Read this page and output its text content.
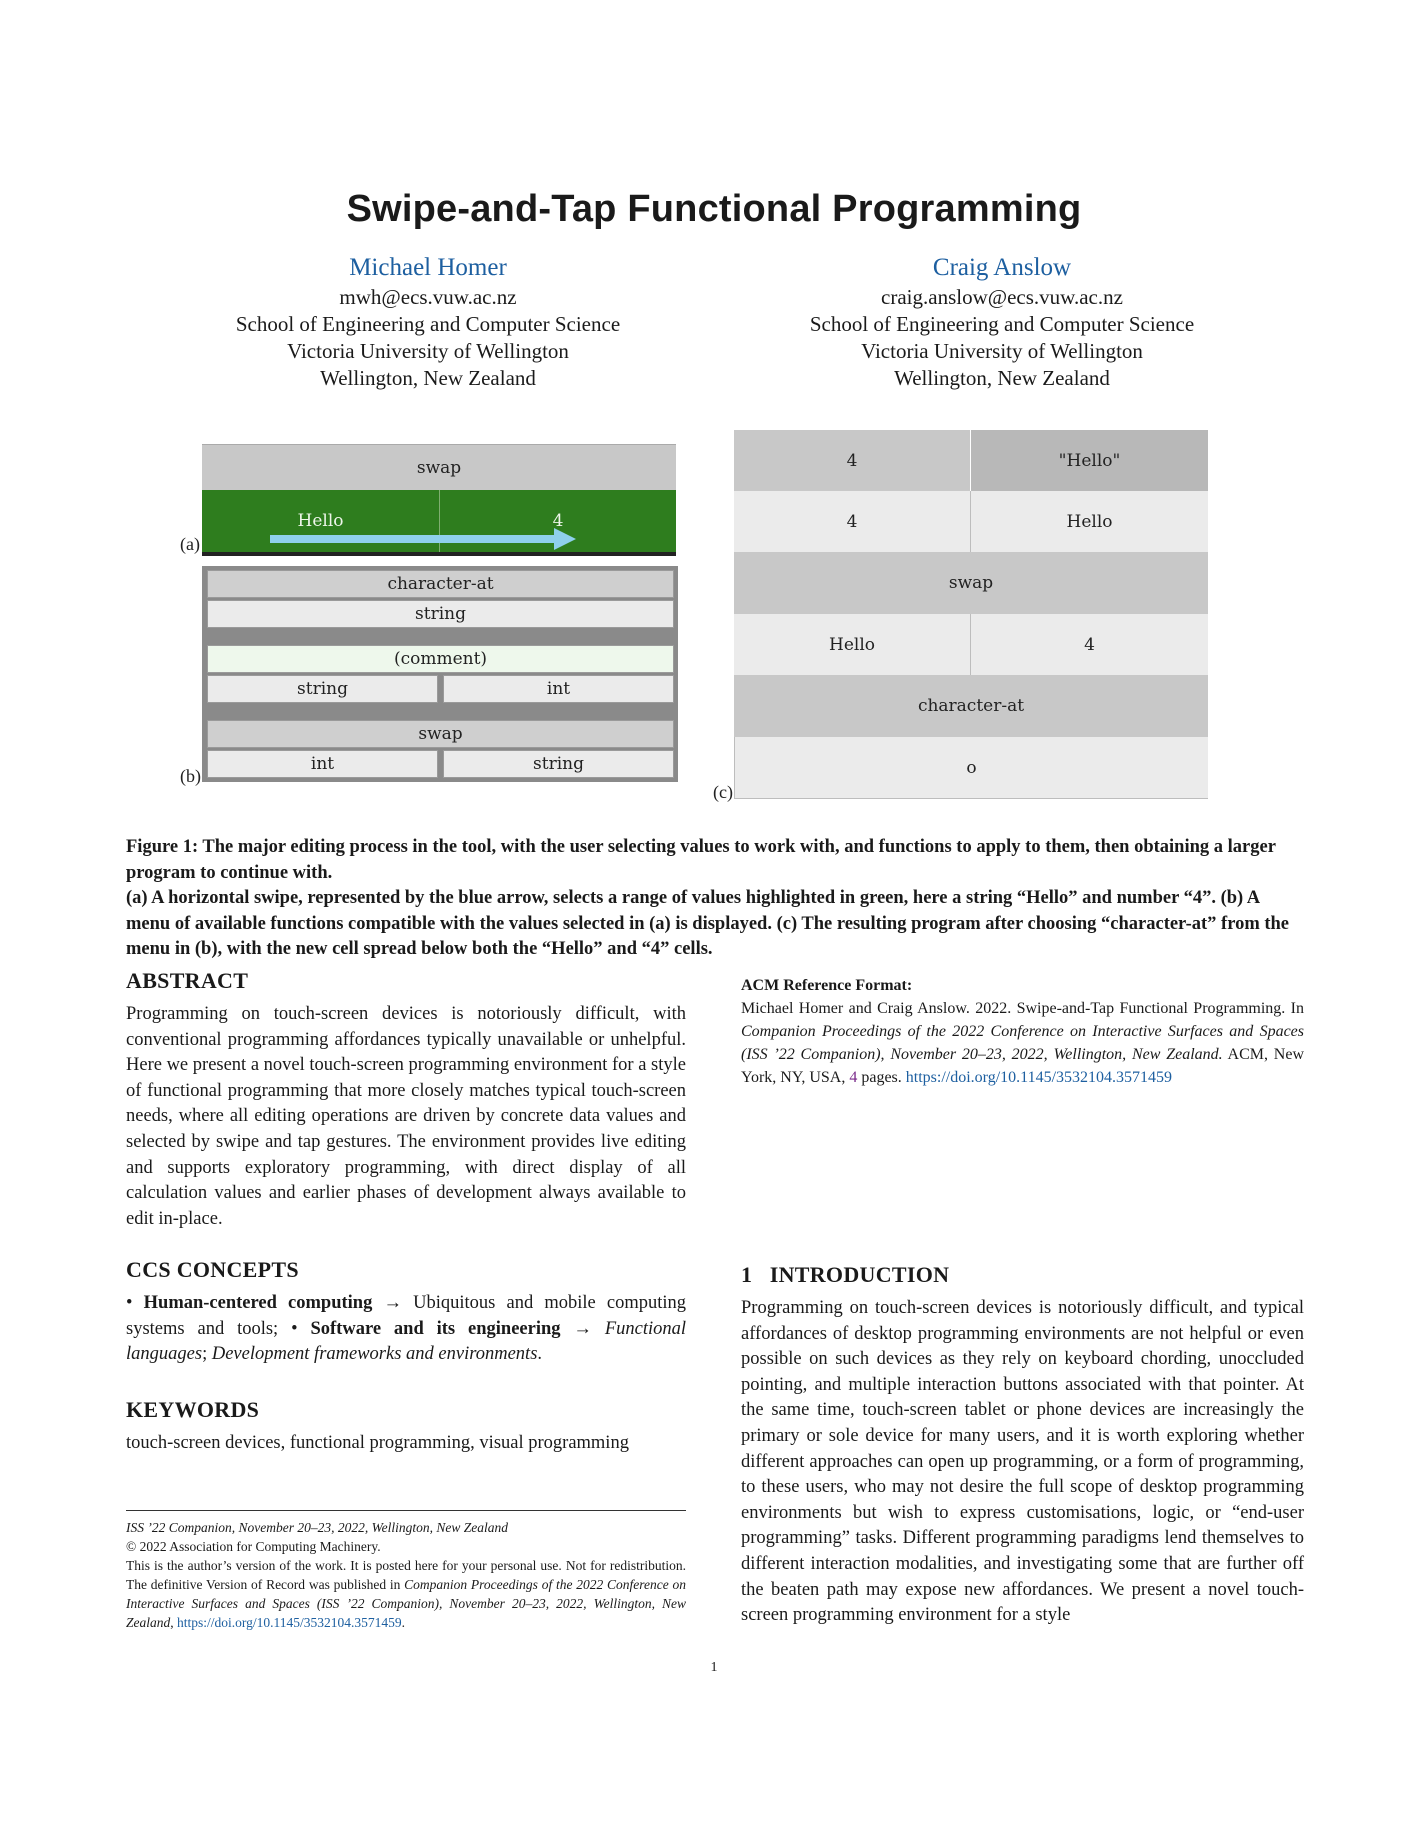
Swipe-and-Tap Functional Programming
Michael Homer
mwh@ecs.vuw.ac.nz
School of Engineering and Computer Science
Victoria University of Wellington
Wellington, New Zealand
Craig Anslow
craig.anslow@ecs.vuw.ac.nz
School of Engineering and Computer Science
Victoria University of Wellington
Wellington, New Zealand
swap
Hello	4
(a)
character-at
string
(comment)
string	int
swap
int	string
(b)
4	"Hello"
4	Hello
swap
Hello	4
character-at
o
(c)
Figure 1: The major editing process in the tool, with the user selecting values to work with, and functions to apply to them, then obtaining a larger program to continue with.
(a) A horizontal swipe, represented by the blue arrow, selects a range of values highlighted in green, here a string “Hello” and number “4”. (b) A menu of available functions compatible with the values selected in (a) is displayed. (c) The resulting program after choosing “character-at” from the menu in (b), with the new cell spread below both the “Hello” and “4” cells.
ABSTRACT
Programming on touch-screen devices is notoriously difficult, with conventional programming affordances typically unavailable or unhelpful. Here we present a novel touch-screen programming environment for a style of functional programming that more closely matches typical touch-screen needs, where all editing operations are driven by concrete data values and selected by swipe and tap gestures. The environment provides live editing and supports exploratory programming, with direct display of all calculation values and earlier phases of development always available to edit in-place.
CCS CONCEPTS
• Human-centered computing → Ubiquitous and mobile computing systems and tools; • Software and its engineering → Functional languages; Development frameworks and environments.
KEYWORDS
touch-screen devices, functional programming, visual programming
ISS ’22 Companion, November 20–23, 2022, Wellington, New Zealand
© 2022 Association for Computing Machinery.
This is the author’s version of the work. It is posted here for your personal use. Not for redistribution. The definitive Version of Record was published in Companion Proceedings of the 2022 Conference on Interactive Surfaces and Spaces (ISS ’22 Companion), November 20–23, 2022, Wellington, New Zealand, https://doi.org/10.1145/3532104.3571459.
ACM Reference Format:
Michael Homer and Craig Anslow. 2022. Swipe-and-Tap Functional Programming. In Companion Proceedings of the 2022 Conference on Interactive Surfaces and Spaces (ISS ’22 Companion), November 20–23, 2022, Wellington, New Zealand. ACM, New York, NY, USA, 4 pages. https://doi.org/10.1145/3532104.3571459
1 INTRODUCTION
Programming on touch-screen devices is notoriously difficult, and typical affordances of desktop programming environments are not helpful or even possible on such devices as they rely on keyboard chording, unoccluded pointing, and multiple interaction buttons associated with that pointer. At the same time, touch-screen tablet or phone devices are increasingly the primary or sole device for many users, and it is worth exploring whether different approaches can open up programming, or a form of programming, to these users, who may not desire the full scope of desktop programming environments but wish to express customisations, logic, or “end-user programming” tasks. Different programming paradigms lend themselves to different interaction modalities, and investigating some that are further off the beaten path may expose new affordances. We present a novel touch-screen programming environment for a style
1
